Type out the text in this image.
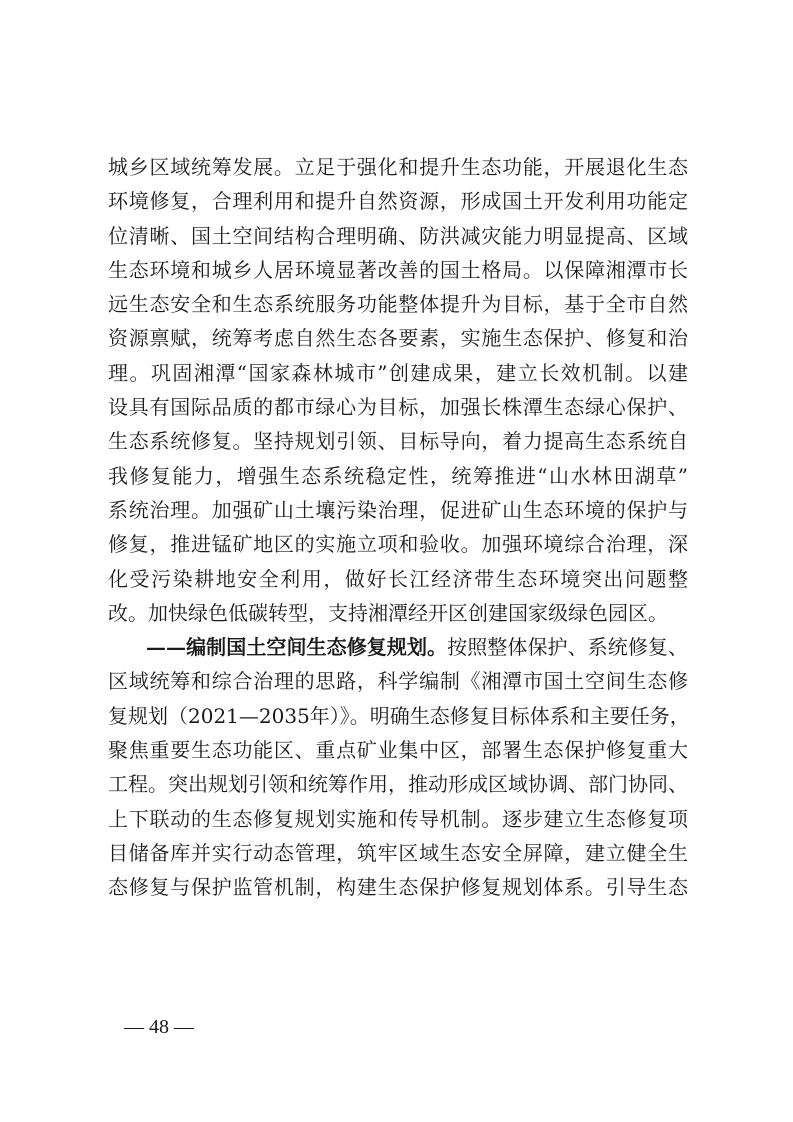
城乡区域统筹发展。立足于强化和提升生态功能，开展退化生态
环境修复，合理利用和提升自然资源，形成国土开发利用功能定
位清晰、国土空间结构合理明确、防洪减灾能力明显提高、区域
生态环境和城乡人居环境显著改善的国土格局。以保障湘潭市长
远生态安全和生态系统服务功能整体提升为目标，基于全市自然
资源禀赋，统筹考虑自然生态各要素，实施生态保护、修复和治
理。巩固湘潭“国家森林城市”创建成果，建立长效机制。以建
设具有国际品质的都市绿心为目标，加强长株潭生态绿心保护、
生态系统修复。坚持规划引领、目标导向，着力提高生态系统自
我修复能力，增强生态系统稳定性，统筹推进“山水林田湖草”
系统治理。加强矿山土壤污染治理，促进矿山生态环境的保护与
修复，推进锰矿地区的实施立项和验收。加强环境综合治理，深
化受污染耕地安全利用，做好长江经济带生态环境突出问题整
改。加快绿色低碳转型，支持湘潭经开区创建国家级绿色园区。
——编制国土空间生态修复规划。按照整体保护、系统修复、
区域统筹和综合治理的思路，科学编制《湘潭市国土空间生态修
复规划（2021—2035年）》。明确生态修复目标体系和主要任务，
聚焦重要生态功能区、重点矿业集中区，部署生态保护修复重大
工程。突出规划引领和统筹作用，推动形成区域协调、部门协同、
上下联动的生态修复规划实施和传导机制。逐步建立生态修复项
目储备库并实行动态管理，筑牢区域生态安全屏障，建立健全生
态修复与保护监管机制，构建生态保护修复规划体系。引导生态
— 48 —
